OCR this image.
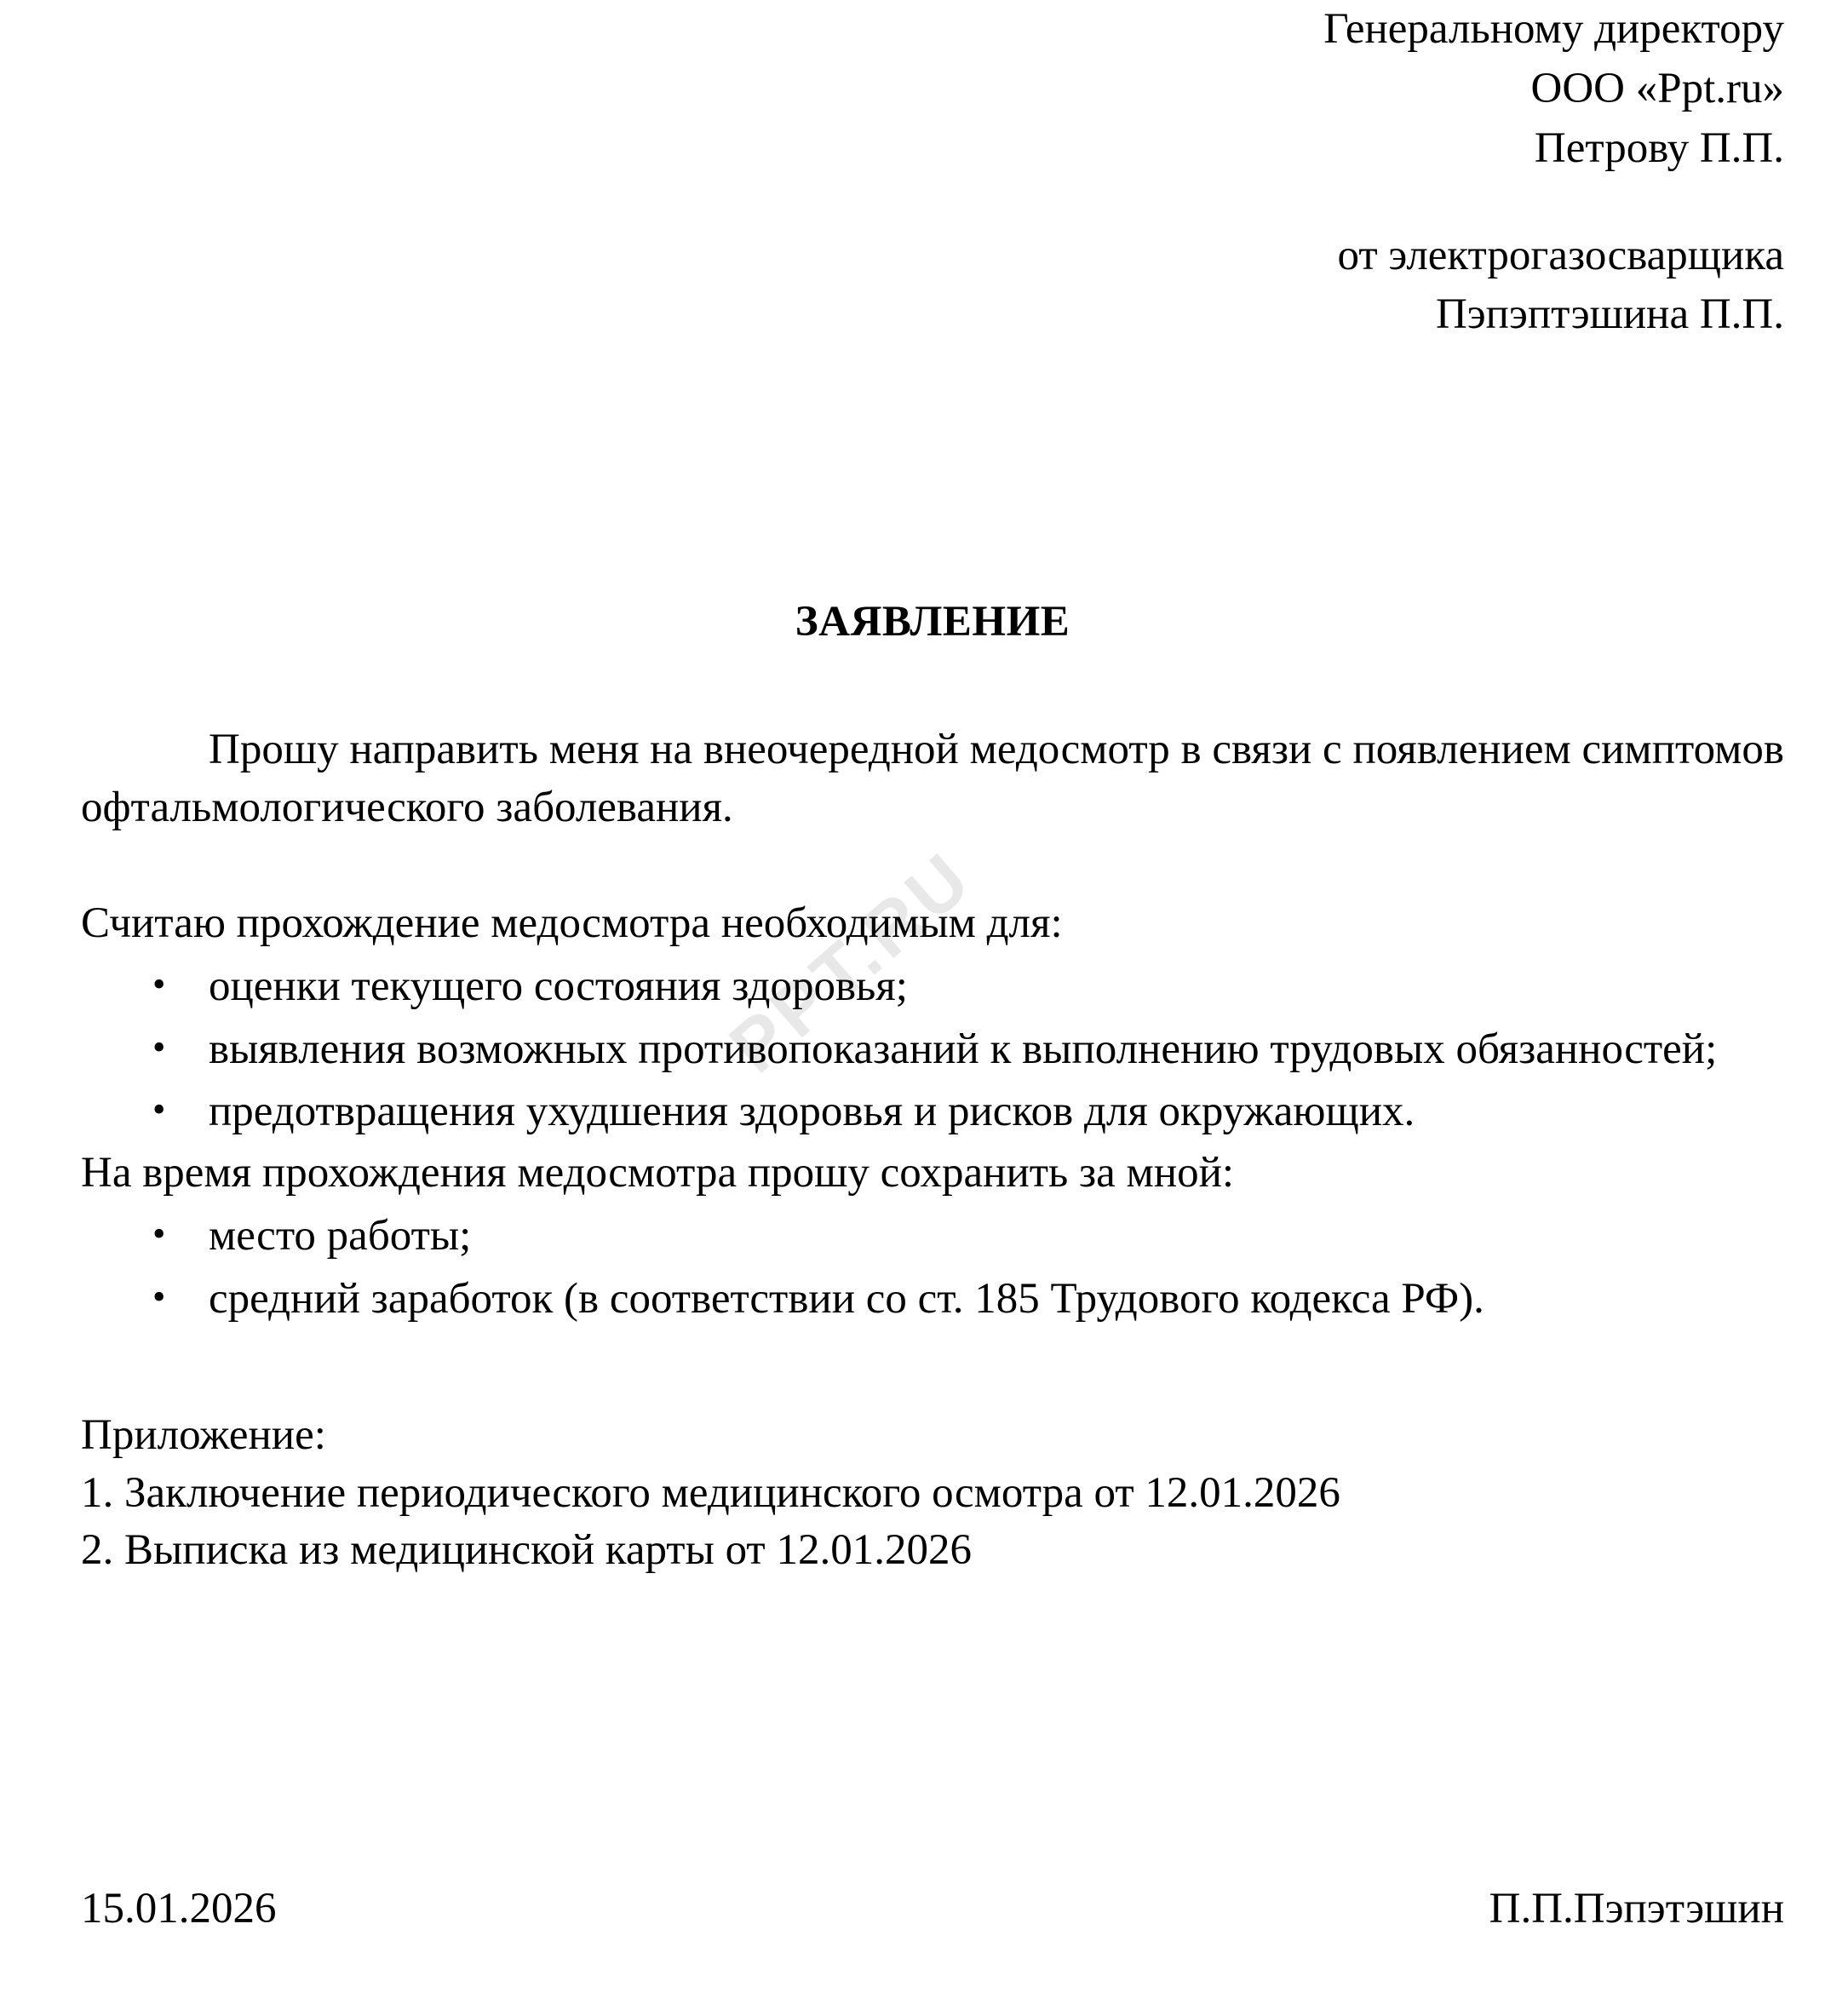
PPT.RU
Генеральному директору
ООО «Ppt.ru»
Петрову П.П.
от электрогазосварщика
Пэпэптэшина П.П.
ЗАЯВЛЕНИЕ

Прошу направить меня на внеочередной медосмотр в связи с появлением симптомов офтальмологического заболевания.

Считаю прохождение медосмотра необходимым для:
• оценки текущего состояния здоровья;
• выявления возможных противопоказаний к выполнению трудовых обязанностей;
• предотвращения ухудшения здоровья и рисков для окружающих.
На время прохождения медосмотра прошу сохранить за мной:
• место работы;
• средний заработок (в соответствии со ст. 185 Трудового кодекса РФ).
Приложение:
1. Заключение периодического медицинского осмотра от 12.01.2026
2. Выписка из медицинской карты от 12.01.2026
15.01.2026	П.П.Пэпэтэшин
